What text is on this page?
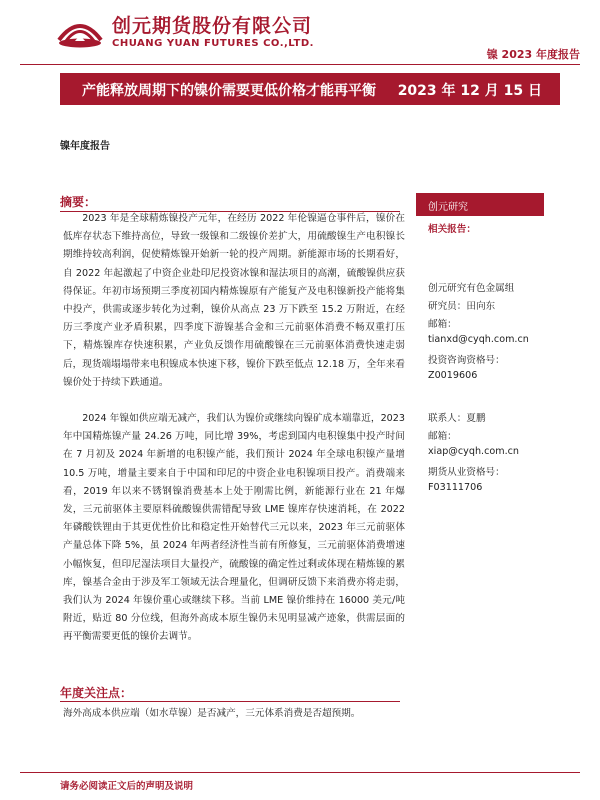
创元期货股份有限公司
CHUANG YUAN FUTURES CO.,LTD.
镍 2023 年度报告
产能释放周期下的镍价需要更低价格才能再平衡 2023 年 12 月 15 日
镍年度报告
摘要：

2023 年是全球精炼镍投产元年，在经历 2022 年伦镍逼仓事件后，镍价在低库存状态下维持高位，导致一级镍和二级镍价差扩大，用硫酸镍生产电积镍长期维持较高利润，促使精炼镍开始新一轮的投产周期。新能源市场的长期看好，自 2022 年起激起了中资企业赴印尼投资冰镍和湿法项目的高潮，硫酸镍供应获得保证。年初市场预期三季度初国内精炼镍原有产能复产及电积镍新投产能将集中投产，供需或逐步转化为过剩，镍价从高点 23 万下跌至 15.2 万附近，在经历三季度产业矛盾积累，四季度下游镍基合金和三元前驱体消费不畅双重打压下，精炼镍库存快速积累，产业负反馈作用硫酸镍在三元前驱体消费快速走弱后，现货端塌塌带来电积镍成本快速下移，镍价下跌至低点 12.18 万，全年来看镍价处于持续下跌通道。

2024 年镍如供应端无减产，我们认为镍价或继续向镍矿成本端靠近，2023 年中国精炼镍产量 24.26 万吨，同比增 39%，考虑到国内电积镍集中投产时间在 7 月初及 2024 年新增的电积镍产能，我们预计 2024 年全球电积镍产量增 10.5 万吨，增量主要来自于中国和印尼的中资企业电积镍项目投产。消费端来看，2019 年以来不锈钢镍消费基本上处于刚需比例，新能源行业在 21 年爆发，三元前驱体主要原料硫酸镍供需错配导致 LME 镍库存快速消耗，在 2022 年磷酸铁锂由于其更优性价比和稳定性开始替代三元以来，2023 年三元前驱体产量总体下降 5%，虽 2024 年两者经济性当前有所修复，三元前驱体消费增速小幅恢复，但印尼湿法项目大量投产，硫酸镍的确定性过剩或体现在精炼镍的累库，镍基合金由于涉及军工领域无法合理量化，但调研反馈下来消费亦将走弱，我们认为 2024 年镍价重心或继续下移。当前 LME 镍价维持在 16000 美元/吨附近，贴近 80 分位线，但海外高成本原生镍仍未见明显减产迹象，供需层面的再平衡需要更低的镍价去调节。

年度关注点：
海外高成本供应端（如水草镍）是否减产，三元体系消费是否超预期。
创元研究
相关报告：
创元研究有色金属组
研究员：田向东
邮箱：
tianxd@cyqh.com.cn
投资咨询资格号：
Z0019606
联系人：夏鹏
邮箱：
xiap@cyqh.com.cn
期货从业资格号：
F03111706
请务必阅读正文后的声明及说明
